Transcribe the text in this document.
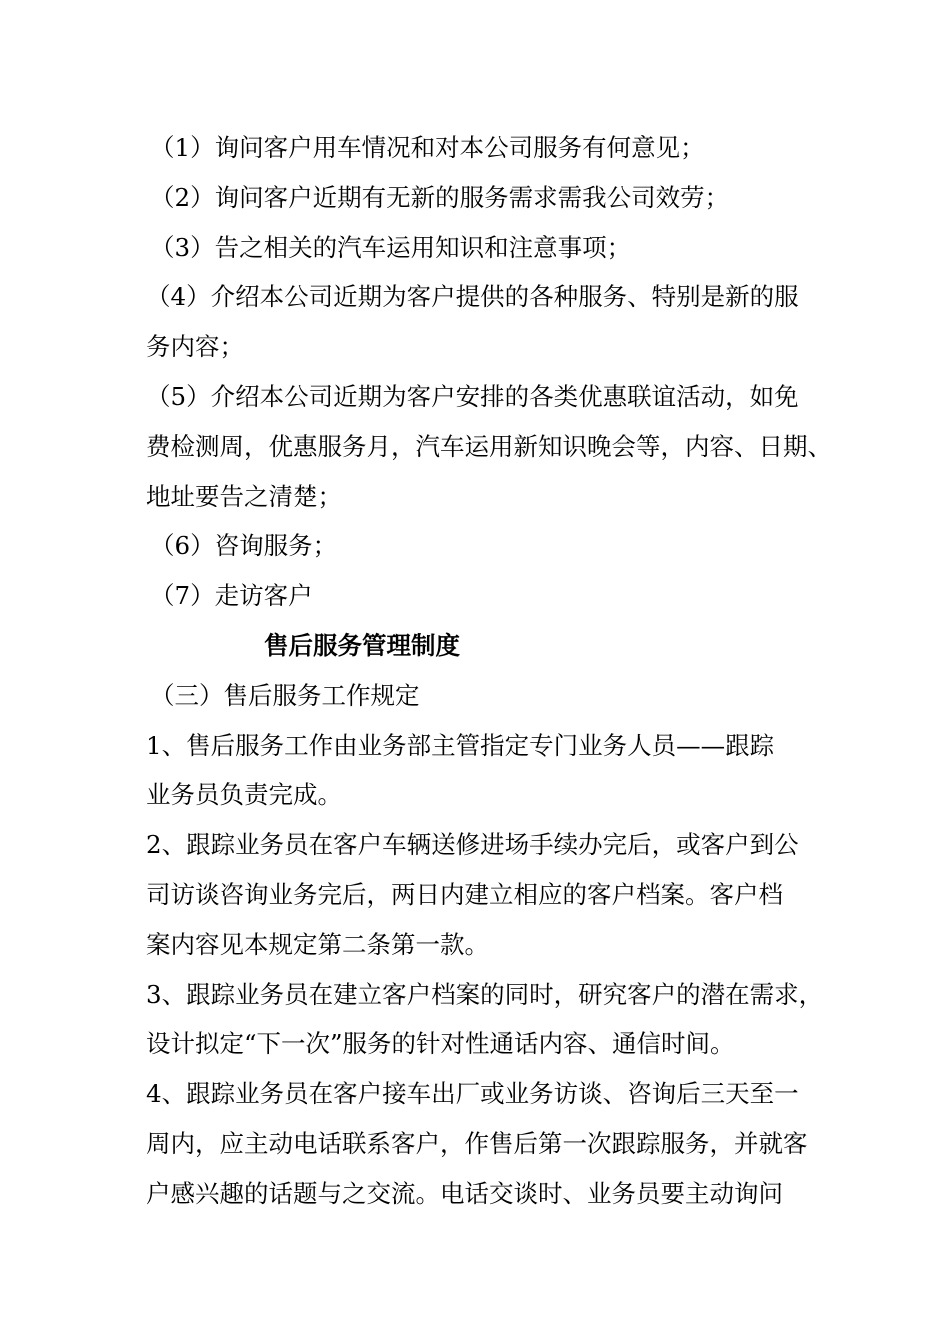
（1）询问客户用车情况和对本公司服务有何意见；
（2）询问客户近期有无新的服务需求需我公司效劳；
（3）告之相关的汽车运用知识和注意事项；
（4）介绍本公司近期为客户提供的各种服务、特别是新的服
务内容；
（5）介绍本公司近期为客户安排的各类优惠联谊活动，如免
费检测周，优惠服务月，汽车运用新知识晚会等，内容、日期、
地址要告之清楚；
（6）咨询服务；
（7）走访客户
售后服务管理制度
（三）售后服务工作规定
1、售后服务工作由业务部主管指定专门业务人员——跟踪
业务员负责完成。
2、跟踪业务员在客户车辆送修进场手续办完后，或客户到公
司访谈咨询业务完后，两日内建立相应的客户档案。客户档
案内容见本规定第二条第一款。
3、跟踪业务员在建立客户档案的同时，研究客户的潜在需求，
设计拟定“下一次”服务的针对性通话内容、通信时间。
4、跟踪业务员在客户接车出厂或业务访谈、咨询后三天至一
周内，应主动电话联系客户，作售后第一次跟踪服务，并就客
户感兴趣的话题与之交流。电话交谈时、业务员要主动询问
